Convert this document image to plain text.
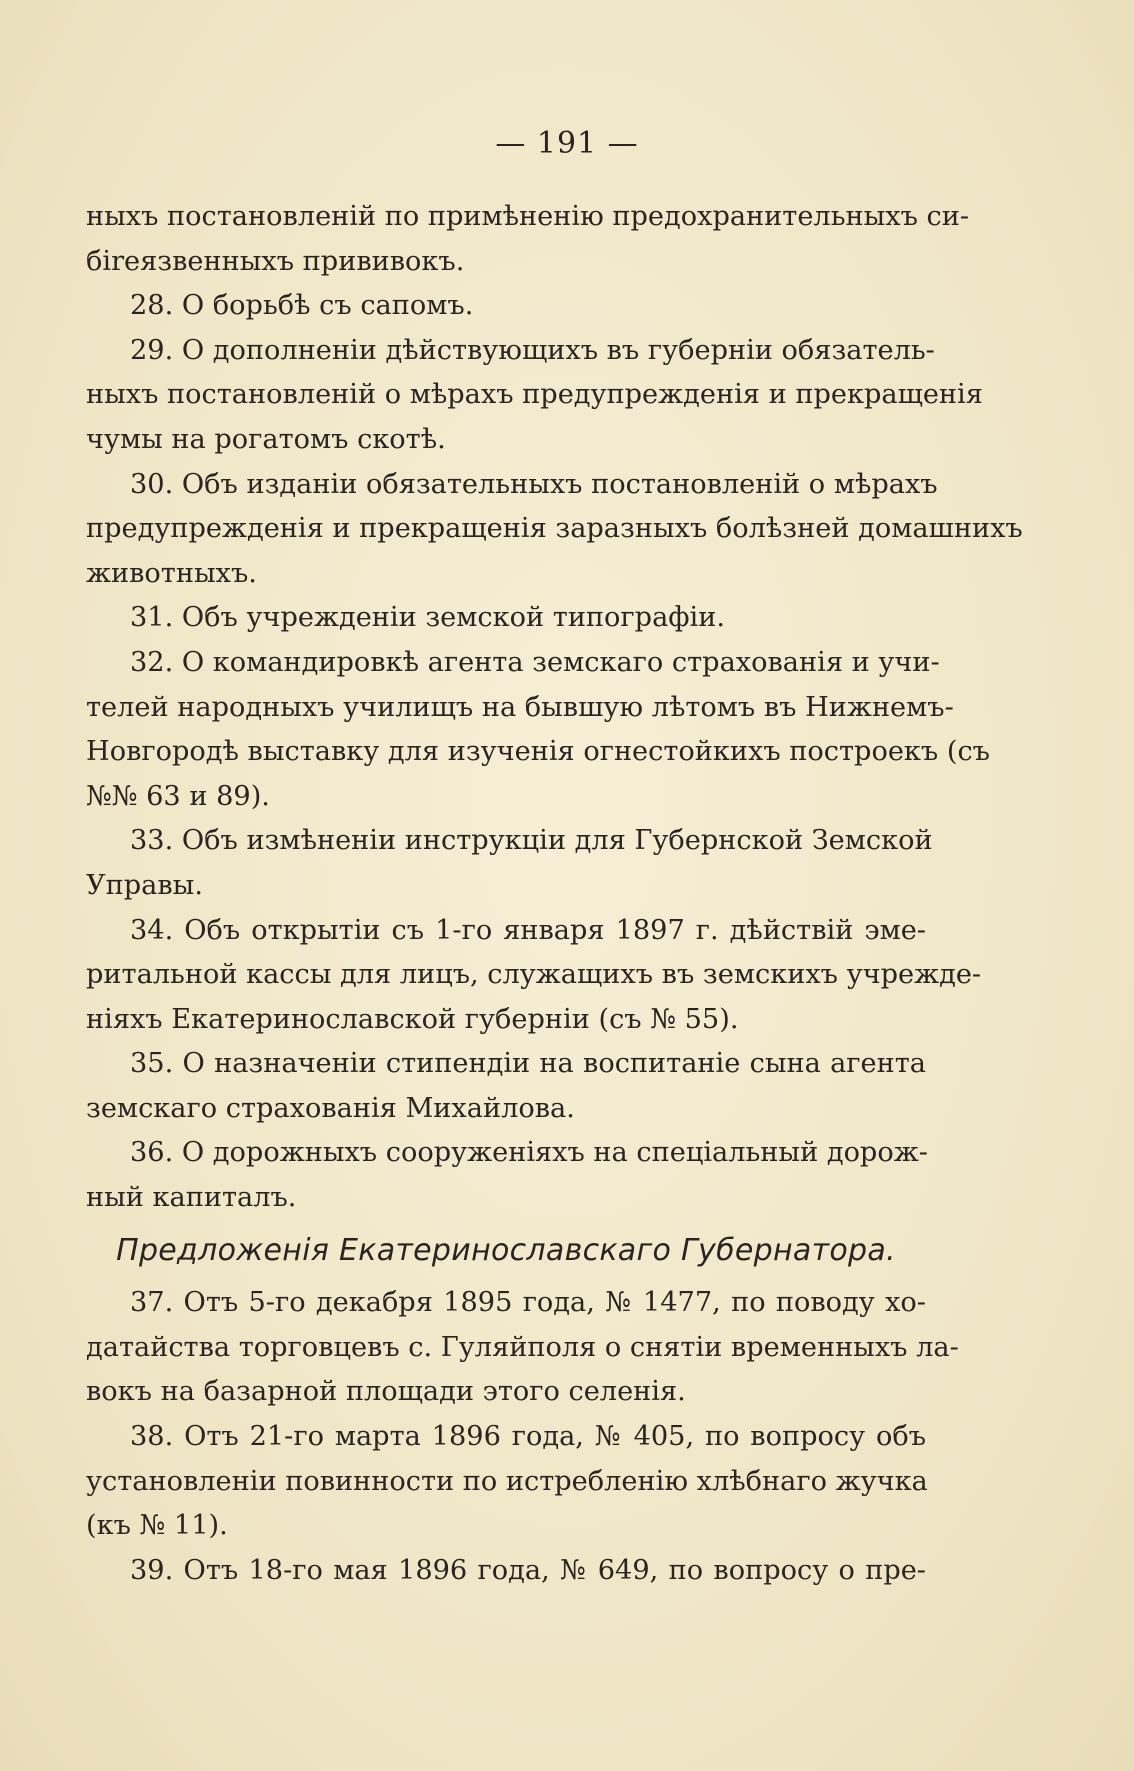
— 191 —
ныхъ постановленій по примѣненію предохранительныхъ си-
бireязвенныхъ прививокъ.
28. О борьбѣ съ сапомъ.
29. О дополненіи дѣйствующихъ въ губерніи обязатель-
ныхъ постановленій о мѣрахъ предупрежденія и прекращенія
чумы на рогатомъ скотѣ.
30. Объ изданіи обязательныхъ постановленій о мѣрахъ
предупрежденія и прекращенія заразныхъ болѣзней домашнихъ
животныхъ.
31. Объ учрежденіи земской типографіи.
32. О командировкѣ агента земскаго страхованія и учи-
телей народныхъ училищъ на бывшую лѣтомъ въ Нижнемъ-
Новгородѣ выставку для изученія огнестойкихъ построекъ (съ
№№ 63 и 89).
33. Объ измѣненіи инструкціи для Губернской Земской
Управы.
34. Объ открытіи съ 1-го января 1897 г. дѣйствій эме-
ритальной кассы для лицъ, служащихъ въ земскихъ учрежде-
ніяхъ Екатеринославской губерніи (съ № 55).
35. О назначеніи стипендіи на воспитаніе сына агента
земскаго страхованія Михайлова.
36. О дорожныхъ сооруженіяхъ на спеціальный дорож-
ный капиталъ.
Предложенія Екатеринославскаго Губернатора.
37. Отъ 5-го декабря 1895 года, № 1477, по поводу хо-
датайства торговцевъ с. Гуляйполя о снятіи временныхъ ла-
вокъ на базарной площади этого селенія.
38. Отъ 21-го марта 1896 года, № 405, по вопросу объ
установленіи повинности по истребленію хлѣбнаго жучка
(къ № 11).
39. Отъ 18-го мая 1896 года, № 649, по вопросу о пре-
